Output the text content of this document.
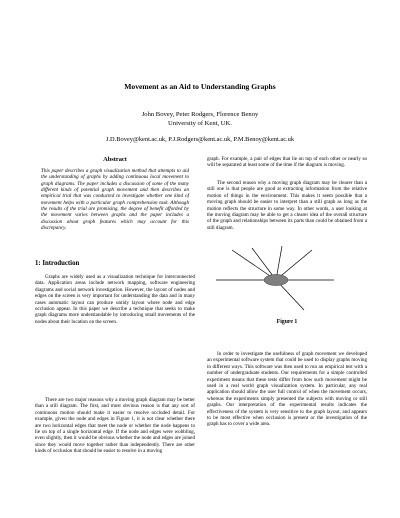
Movement as an Aid to Understanding Graphs
John Bovey, Peter Rodgers, Florence Benoy
University of Kent, UK.
J.D.Bovey@kent.ac.uk, P.J.Rodgers@kent.ac.uk, P.M.Benoy@kent.ac.uk

Abstract

This paper describes a graph visualization method that attempts to aid the understanding of graphs by adding continuous local movement to graph diagrams. The paper includes a discussion of some of the many different kinds of potential graph movement and then describes an empirical trial that was conducted to investigate whether one kind of movement helps with a particular graph comprehension task. Although the results of the trial are promising, the degree of benefit afforded by the movement varies between graphs and the paper includes a discussion about graph features which may account for this discrepancy.

1: Introduction

Graphs are widely used as a visualization technique for interconnected data. Application areas include network mapping, software engineering diagrams and social network investigation. However, the layout of nodes and edges on the screen is very important for understanding the data and in many cases automatic layout can produce untidy layout where node and edge occlusion appear. In this paper we describe a technique that seeks to make graph diagrams more understandable by introducing small movements of the nodes about their location on the screen.

There are two major reasons why a moving graph diagram may be better than a still diagram. The first, and most obvious reason is that any sort of continuous motion should make it easier to resolve occluded detail. For example, given the node and edges in Figure 1, it is not clear whether there are two horizontal edges that meet the node or whether the node happens to lie on top of a single horizontal edge. If the node and edges were wobbling, even slightly, then it would be obvious whether the node and edges are joined since they would move together rather than independently. There are other kinds of occlusion that should be easier to resolve in a moving

graph. For example, a pair of edges that lie on top of each other or nearly so will be separated at least some of the time if the diagram is moving.

The second reason why a moving graph diagram may be clearer than a still one is that people are good at extracting information from the relative motion of things in the environment. This makes it seem possible that a moving graph should be easier to interpret than a still graph as long as the motion reflects the structure in some way. In other words, a user looking at the moving diagram may be able to get a clearer idea of the overall structure of the graph and relationships between its parts than could be obtained from a still diagram.

In order to investigate the usefulness of graph movement we developed an experimental software system that could be used to display graphs moving in different ways. This software was then used to run an empirical test with a number of undergraduate students. Our requirements for a simple controlled experiment means that these tests differ from how such movement might be used in a real world graph visualization system. In particular, any real application should allow the user full control of when the movement occurs, whereas the experiments simply presented the subjects with moving or still graphs. Our interpretation of the experimental results indicates the effectiveness of the system is very sensitive to the graph layout, and appears to be most effective when occlusion is present or the investigation of the graph has to cover a wide area.

Figure 1
